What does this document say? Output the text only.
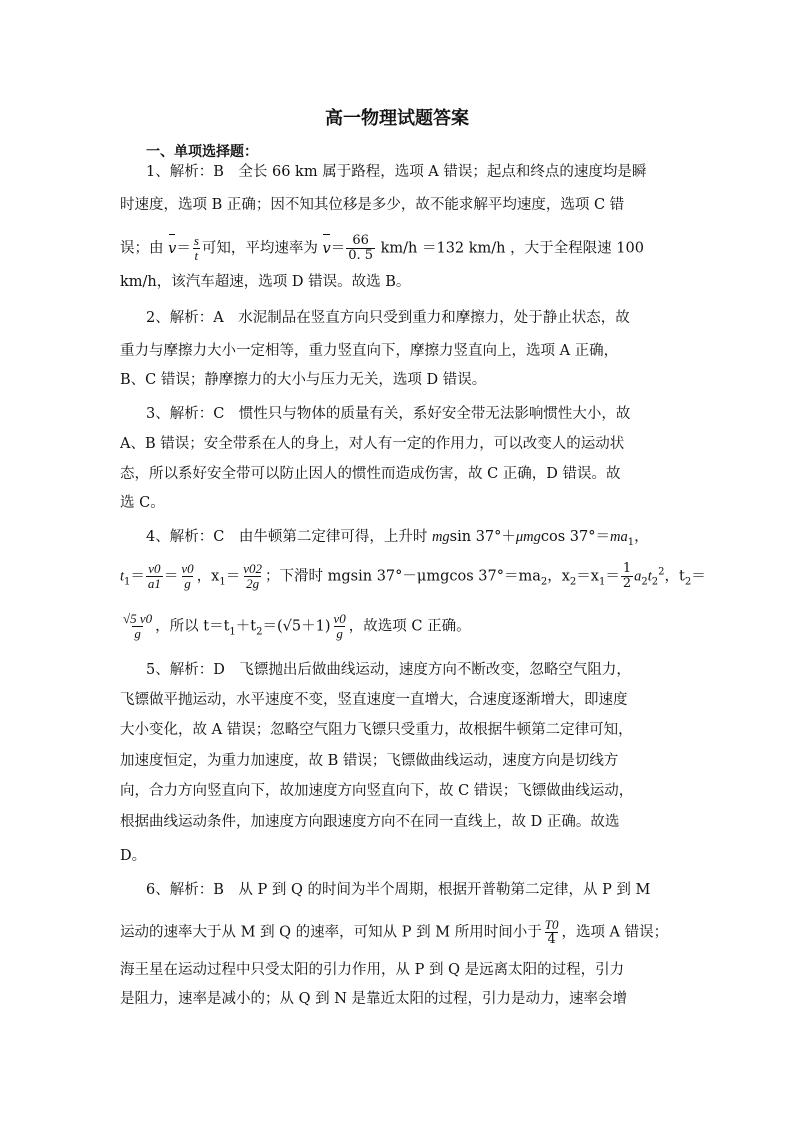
高一物理试题答案
一、单项选择题：
1、解析：B　全长 66 km 属于路程，选项 A 错误；起点和终点的速度均是瞬
时速度，选项 B 正确；因不知其位移是多少，故不能求解平均速度，选项 C 错
误；由 $v= \frac{s}{t}$ 可知，平均速率为 $v= \frac{66}{0. 5} km/h =132$ km/h ，大于全程限速 100
km/h，该汽车超速，选项 D 错误。故选 B。
2、解析：A　水泥制品在竖直方向只受到重力和摩擦力，处于静止状态，故
重力与摩擦力大小一定相等，重力竖直向下，摩擦力竖直向上，选项 A 正确，
B、C 错误；静摩擦力的大小与压力无关，选项 D 错误。
3、解析：C　惯性只与物体的质量有关，系好安全带无法影响惯性大小，故
A、B 错误；安全带系在人的身上，对人有一定的作用力，可以改变人的运动状
态，所以系好安全带可以防止因人的惯性而造成伤害，故 C 正确，D 错误。故
选 C。
4、解析：C　由牛顿第二定律可得，上升时 mgsin 37°＋μmgcos $37^\circ=ma_1$，
$t_1= \frac{v0}{a1} = \frac{v0}{g}$ ，$x_1= \frac{v02}{2g}$ ；下滑时 mgsin 37°－μmgcos $37^\circ=ma_2$，$x_2=x_1= \frac{1}{2} a_2t_2^2$，$t_2=$
$\frac{√5 v0}{g}$ ，所以 $t=t_1+t_2=(√5+1) \frac{v0}{g}$ ，故选项 C 正确。
5、解析：D　飞镖抛出后做曲线运动，速度方向不断改变，忽略空气阻力，
飞镖做平抛运动，水平速度不变，竖直速度一直增大，合速度逐渐增大，即速度
大小变化，故 A 错误；忽略空气阻力飞镖只受重力，故根据牛顿第二定律可知，
加速度恒定，为重力加速度，故 B 错误；飞镖做曲线运动，速度方向是切线方
向，合力方向竖直向下，故加速度方向竖直向下，故 C 错误；飞镖做曲线运动，
根据曲线运动条件，加速度方向跟速度方向不在同一直线上，故 D 正确。故选
D。
6、解析：B　从 P 到 Q 的时间为半个周期，根据开普勒第二定律，从 P 到 M
运动的速率大于从 M 到 Q 的速率，可知从 P 到 M 所用时间小于 $\frac{T0}{4}$ ，选项 A 错误；
海王星在运动过程中只受太阳的引力作用，从 P 到 Q 是远离太阳的过程，引力
是阻力，速率是减小的；从 Q 到 N 是靠近太阳的过程，引力是动力，速率会增
